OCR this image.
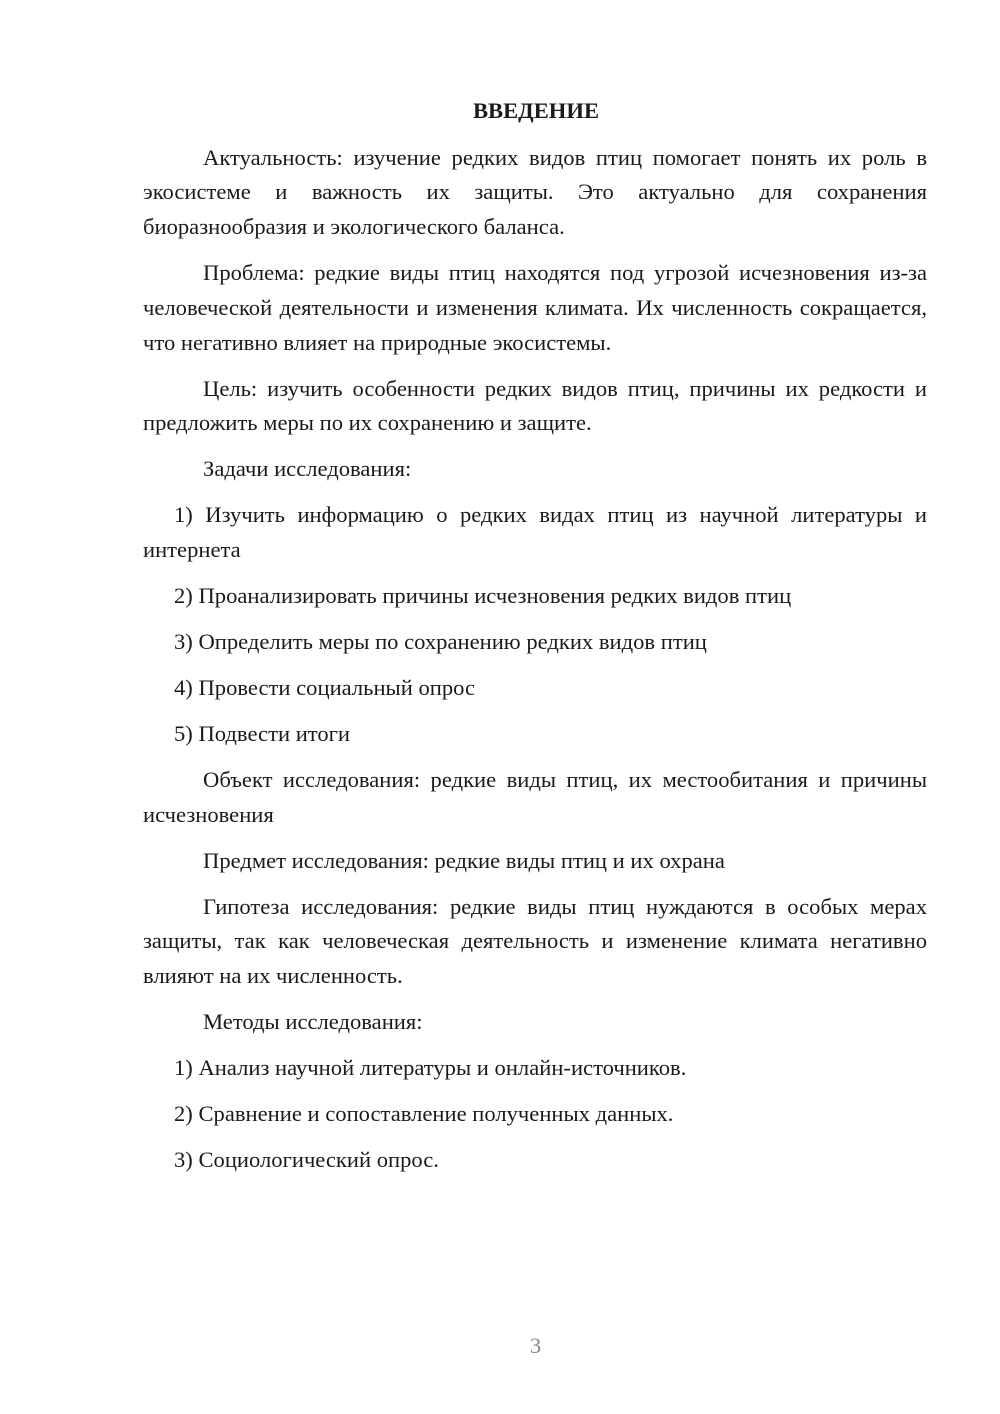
ВВЕДЕНИЕ

Актуальность: изучение редких видов птиц помогает понять их роль в экосистеме и важность их защиты. Это актуально для сохранения биоразнообразия и экологического баланса.

Проблема: редкие виды птиц находятся под угрозой исчезновения из-за человеческой деятельности и изменения климата. Их численность сокращается, что негативно влияет на природные экосистемы.

Цель: изучить особенности редких видов птиц, причины их редкости и предложить меры по их сохранению и защите.

Задачи исследования:

1) Изучить информацию о редких видах птиц из научной литературы и интернета

2) Проанализировать причины исчезновения редких видов птиц

3) Определить меры по сохранению редких видов птиц

4) Провести социальный опрос

5) Подвести итоги

Объект исследования: редкие виды птиц, их местообитания и причины исчезновения

Предмет исследования: редкие виды птиц и их охрана

Гипотеза исследования: редкие виды птиц нуждаются в особых мерах защиты, так как человеческая деятельность и изменение климата негативно влияют на их численность.

Методы исследования:

1) Анализ научной литературы и онлайн-источников.

2) Сравнение и сопоставление полученных данных.

3) Социологический опрос.

3
